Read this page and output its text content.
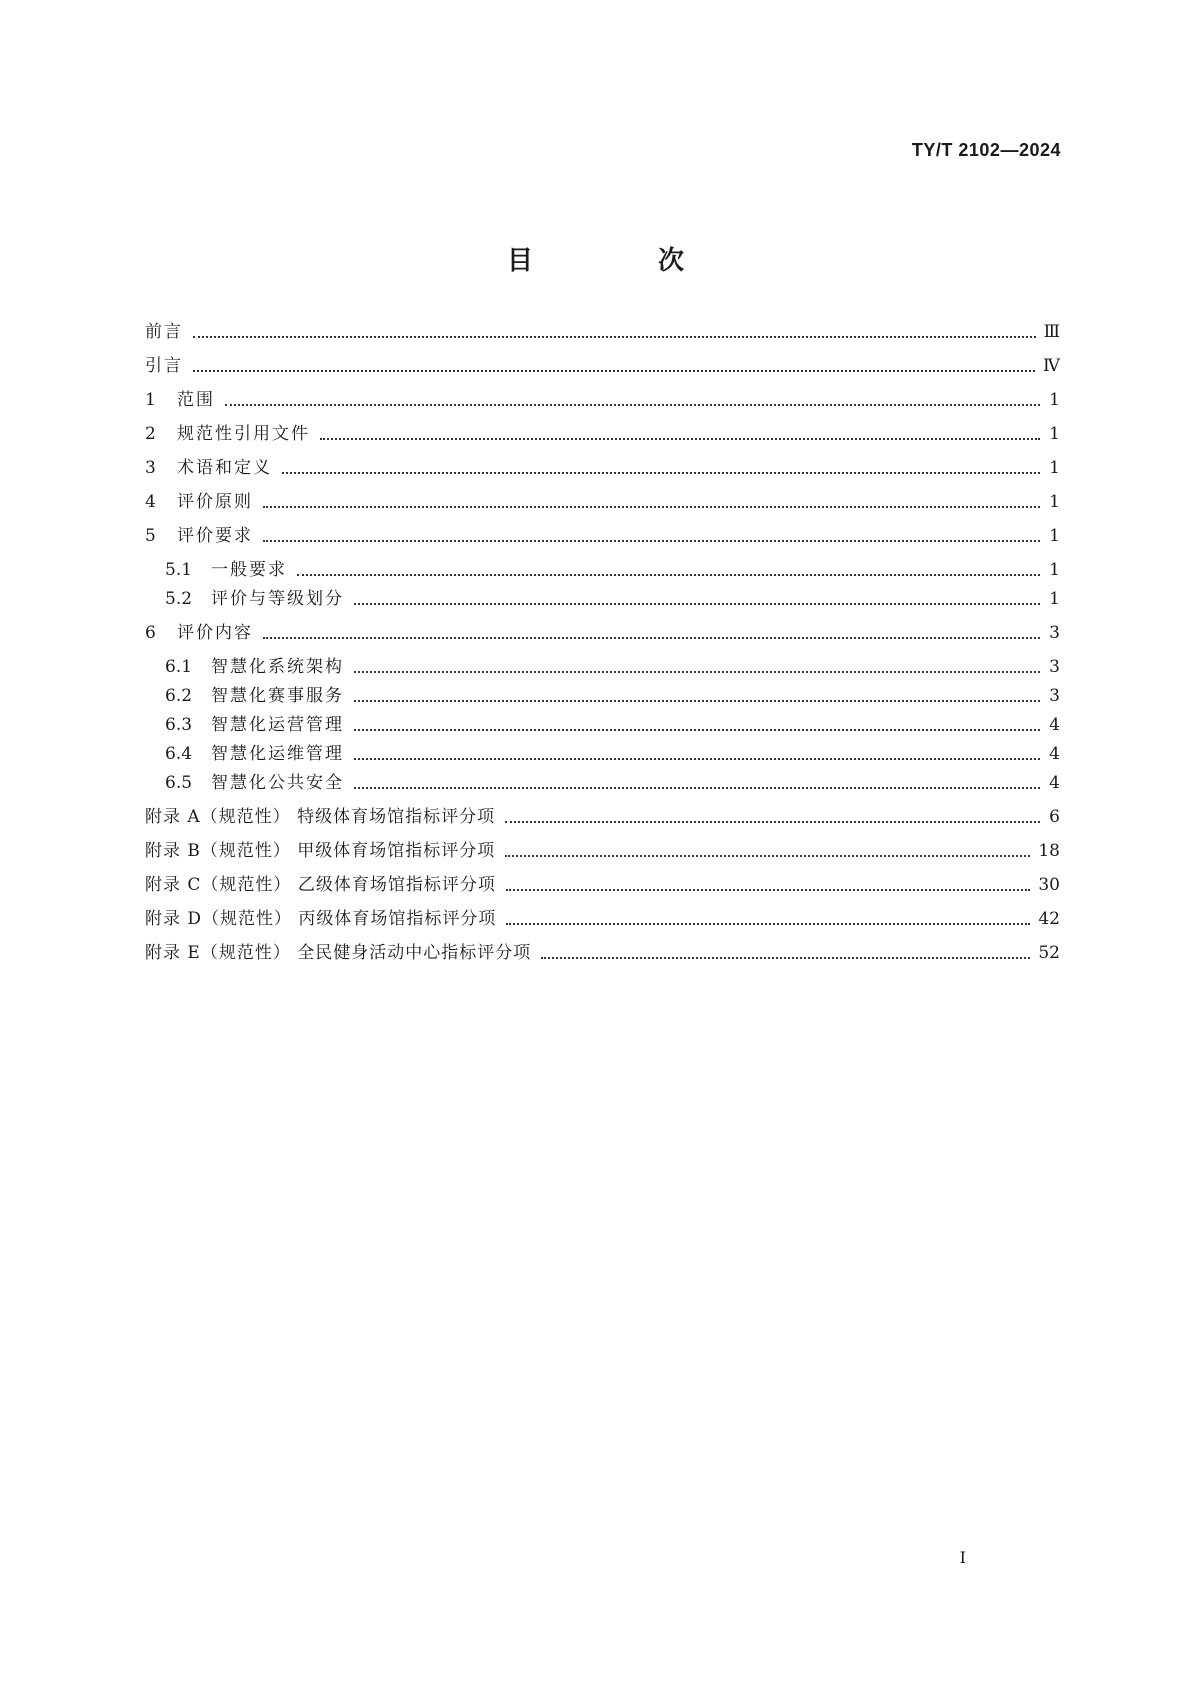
TY/T 2102—2024
目 次
前言	Ⅲ
引言	Ⅳ
1	范围	1
2	规范性引用文件	1
3	术语和定义	1
4	评价原则	1
5	评价要求	1
5.1	一般要求	1
5.2	评价与等级划分	1
6	评价内容	3
6.1	智慧化系统架构	3
6.2	智慧化赛事服务	3
6.3	智慧化运营管理	4
6.4	智慧化运维管理	4
6.5	智慧化公共安全	4
附录 A（规范性） 特级体育场馆指标评分项	6
附录 B（规范性） 甲级体育场馆指标评分项	18
附录 C（规范性） 乙级体育场馆指标评分项	30
附录 D（规范性） 丙级体育场馆指标评分项	42
附录 E（规范性） 全民健身活动中心指标评分项	52
Ⅰ
